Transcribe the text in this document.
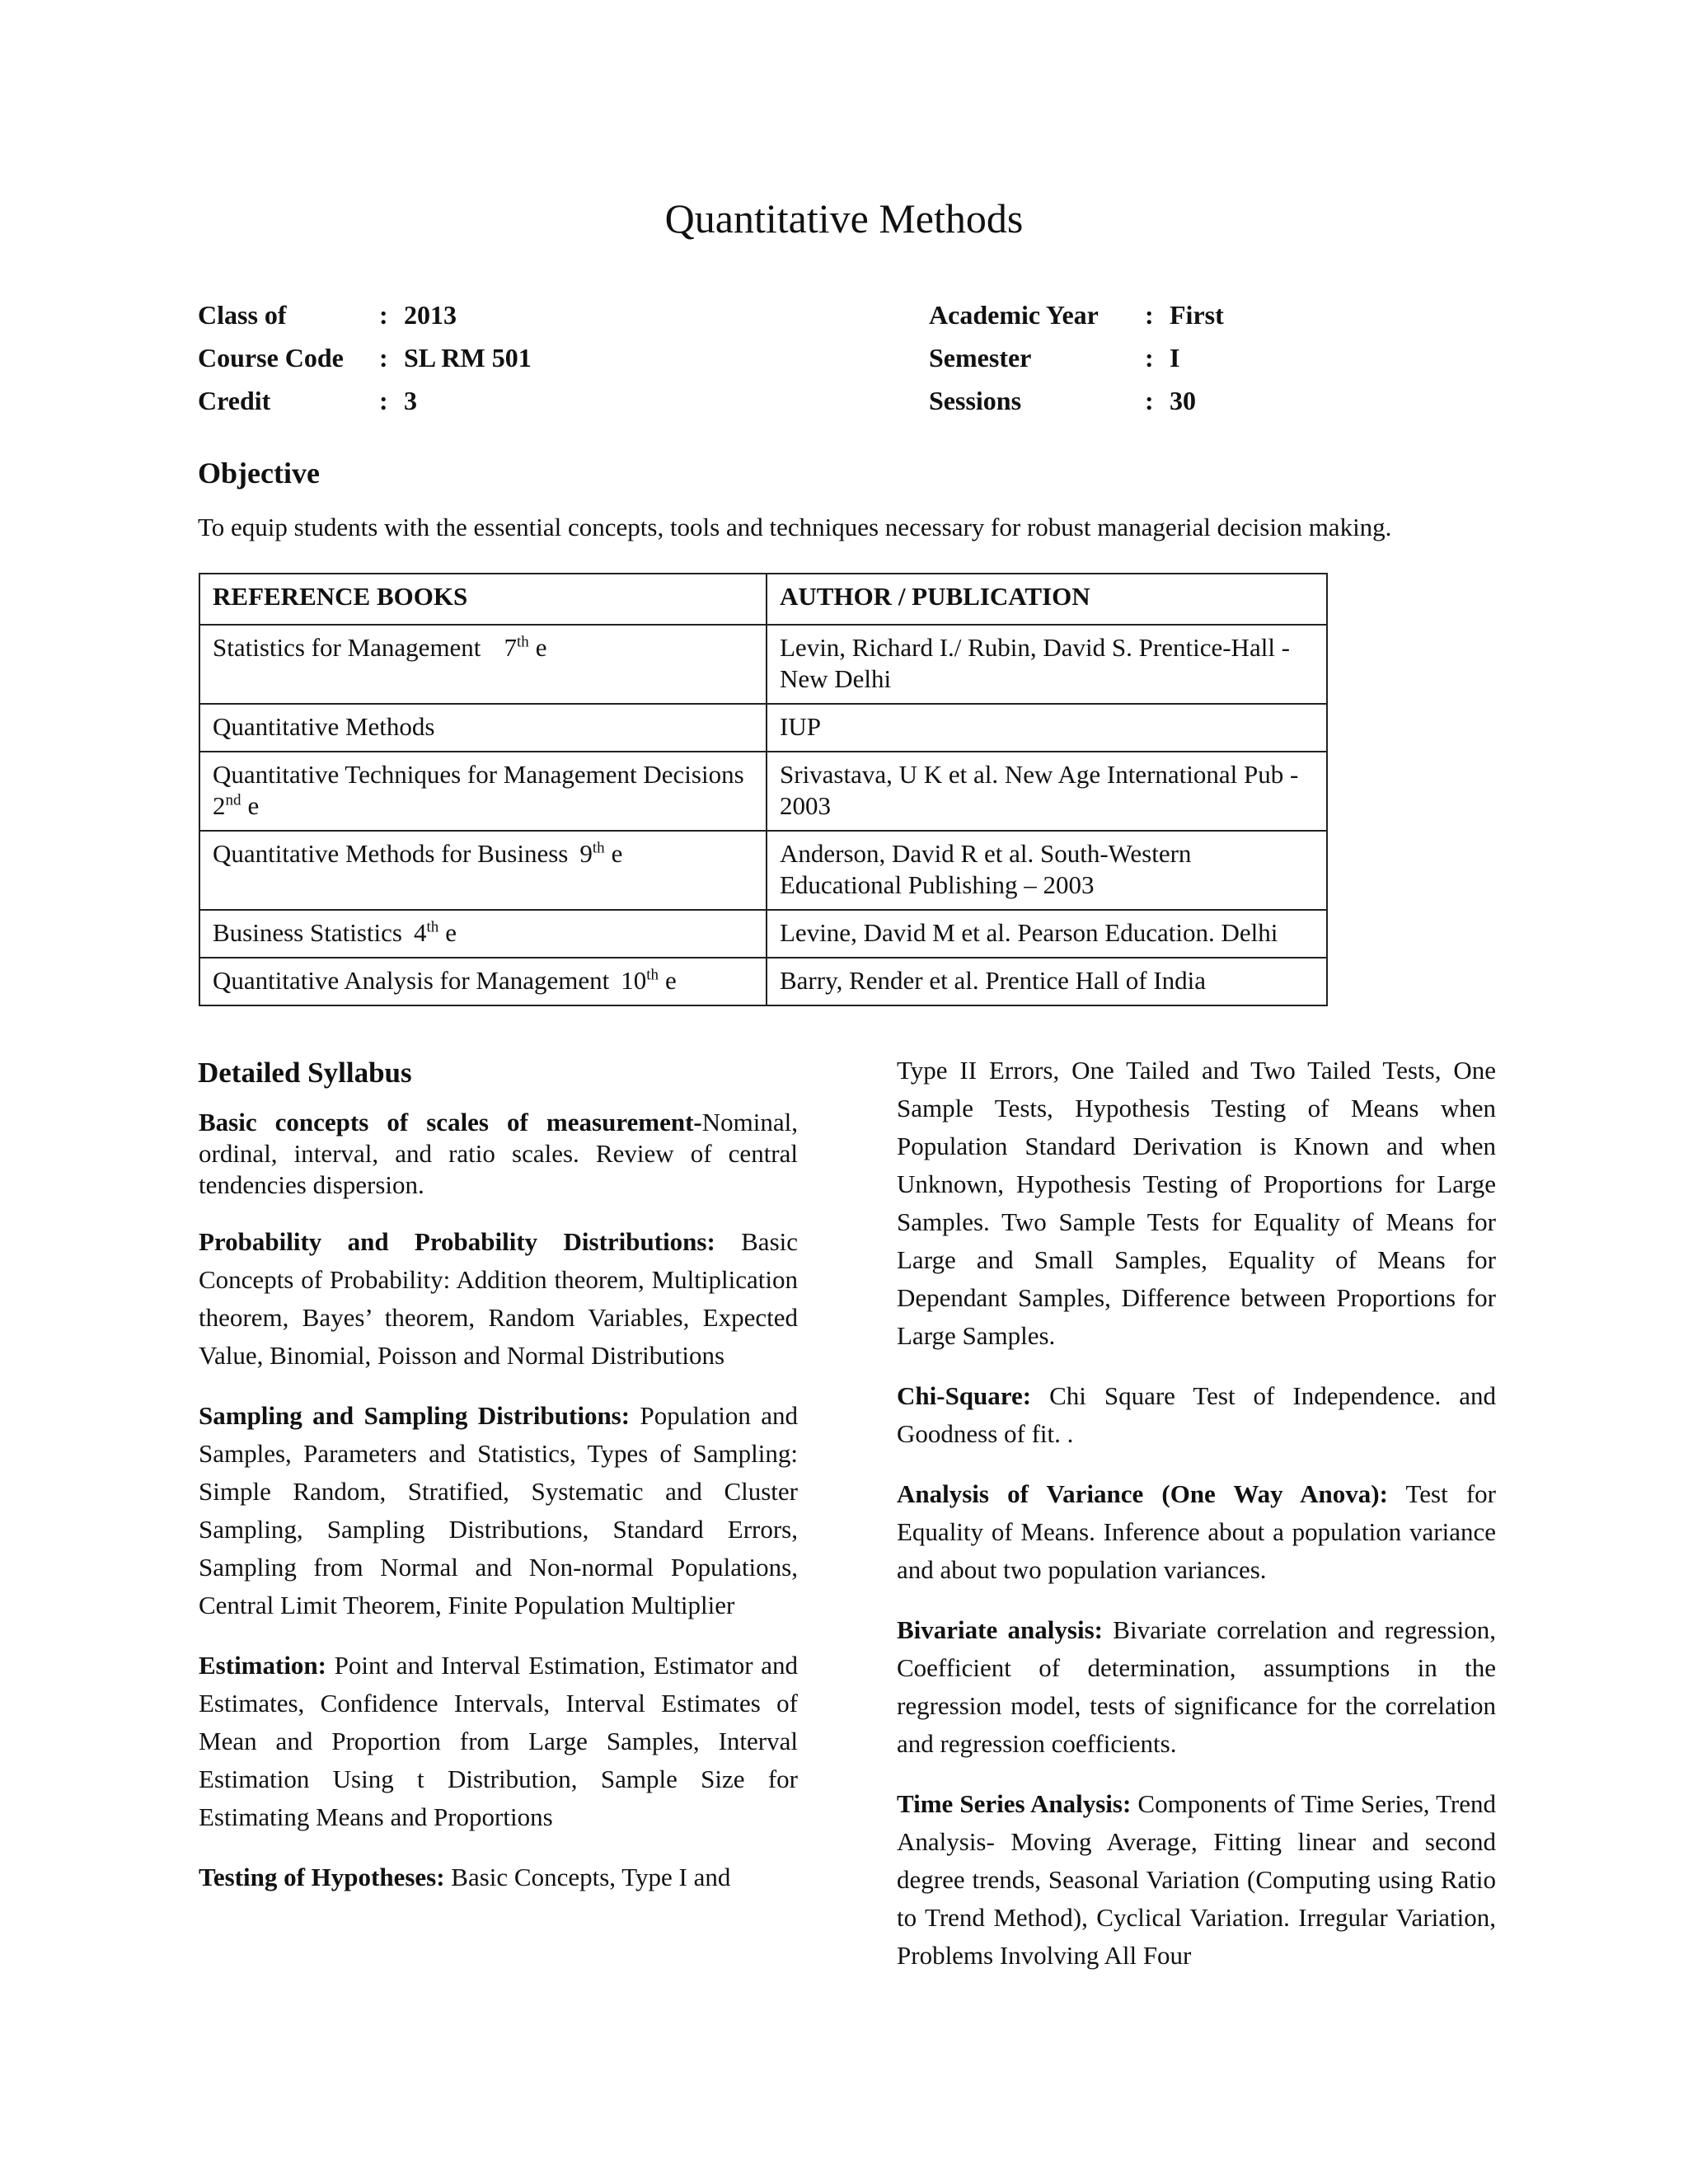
Quantitative Methods
Class of	: 2013
Course Code	: SL RM 501
Credit	: 3
Academic Year	: First
Semester	: I
Sessions	: 30
Objective
To equip students with the essential concepts, tools and techniques necessary for robust managerial decision making.
REFERENCE BOOKS	AUTHOR / PUBLICATION
Statistics for Management 7th e	Levin, Richard I./ Rubin, David S. Prentice-Hall - New Delhi
Quantitative Methods	IUP
Quantitative Techniques for Management Decisions
2nd e	Srivastava, U K et al. New Age International Pub - 2003
Quantitative Methods for Business 9th e	Anderson, David R et al. South-Western Educational Publishing – 2003
Business Statistics 4th e	Levine, David M et al. Pearson Education. Delhi
Quantitative Analysis for Management 10th e	Barry, Render et al. Prentice Hall of India
Detailed Syllabus

Basic concepts of scales of measurement-Nominal, ordinal, interval, and ratio scales. Review of central tendencies dispersion.

Probability and Probability Distributions: Basic Concepts of Probability: Addition theorem, Multiplication theorem, Bayes’ theorem, Random Variables, Expected Value, Binomial, Poisson and Normal Distributions

Sampling and Sampling Distributions: Population and Samples, Parameters and Statistics, Types of Sampling: Simple Random, Stratified, Systematic and Cluster Sampling, Sampling Distributions, Standard Errors, Sampling from Normal and Non-normal Populations, Central Limit Theorem, Finite Population Multiplier

Estimation: Point and Interval Estimation, Estimator and Estimates, Confidence Intervals, Interval Estimates of Mean and Proportion from Large Samples, Interval Estimation Using t Distribution, Sample Size for Estimating Means and Proportions

Testing of Hypotheses: Basic Concepts, Type I and

Type II Errors, One Tailed and Two Tailed Tests, One Sample Tests, Hypothesis Testing of Means when Population Standard Derivation is Known and when Unknown, Hypothesis Testing of Proportions for Large Samples. Two Sample Tests for Equality of Means for Large and Small Samples, Equality of Means for Dependant Samples, Difference between Proportions for Large Samples.

Chi-Square: Chi Square Test of Independence. and Goodness of fit. .

Analysis of Variance (One Way Anova): Test for Equality of Means. Inference about a population variance and about two population variances.

Bivariate analysis: Bivariate correlation and regression, Coefficient of determination, assumptions in the regression model, tests of significance for the correlation and regression coefficients.

Time Series Analysis: Components of Time Series, Trend Analysis- Moving Average, Fitting linear and second degree trends, Seasonal Variation (Computing using Ratio to Trend Method), Cyclical Variation. Irregular Variation, Problems Involving All Four
